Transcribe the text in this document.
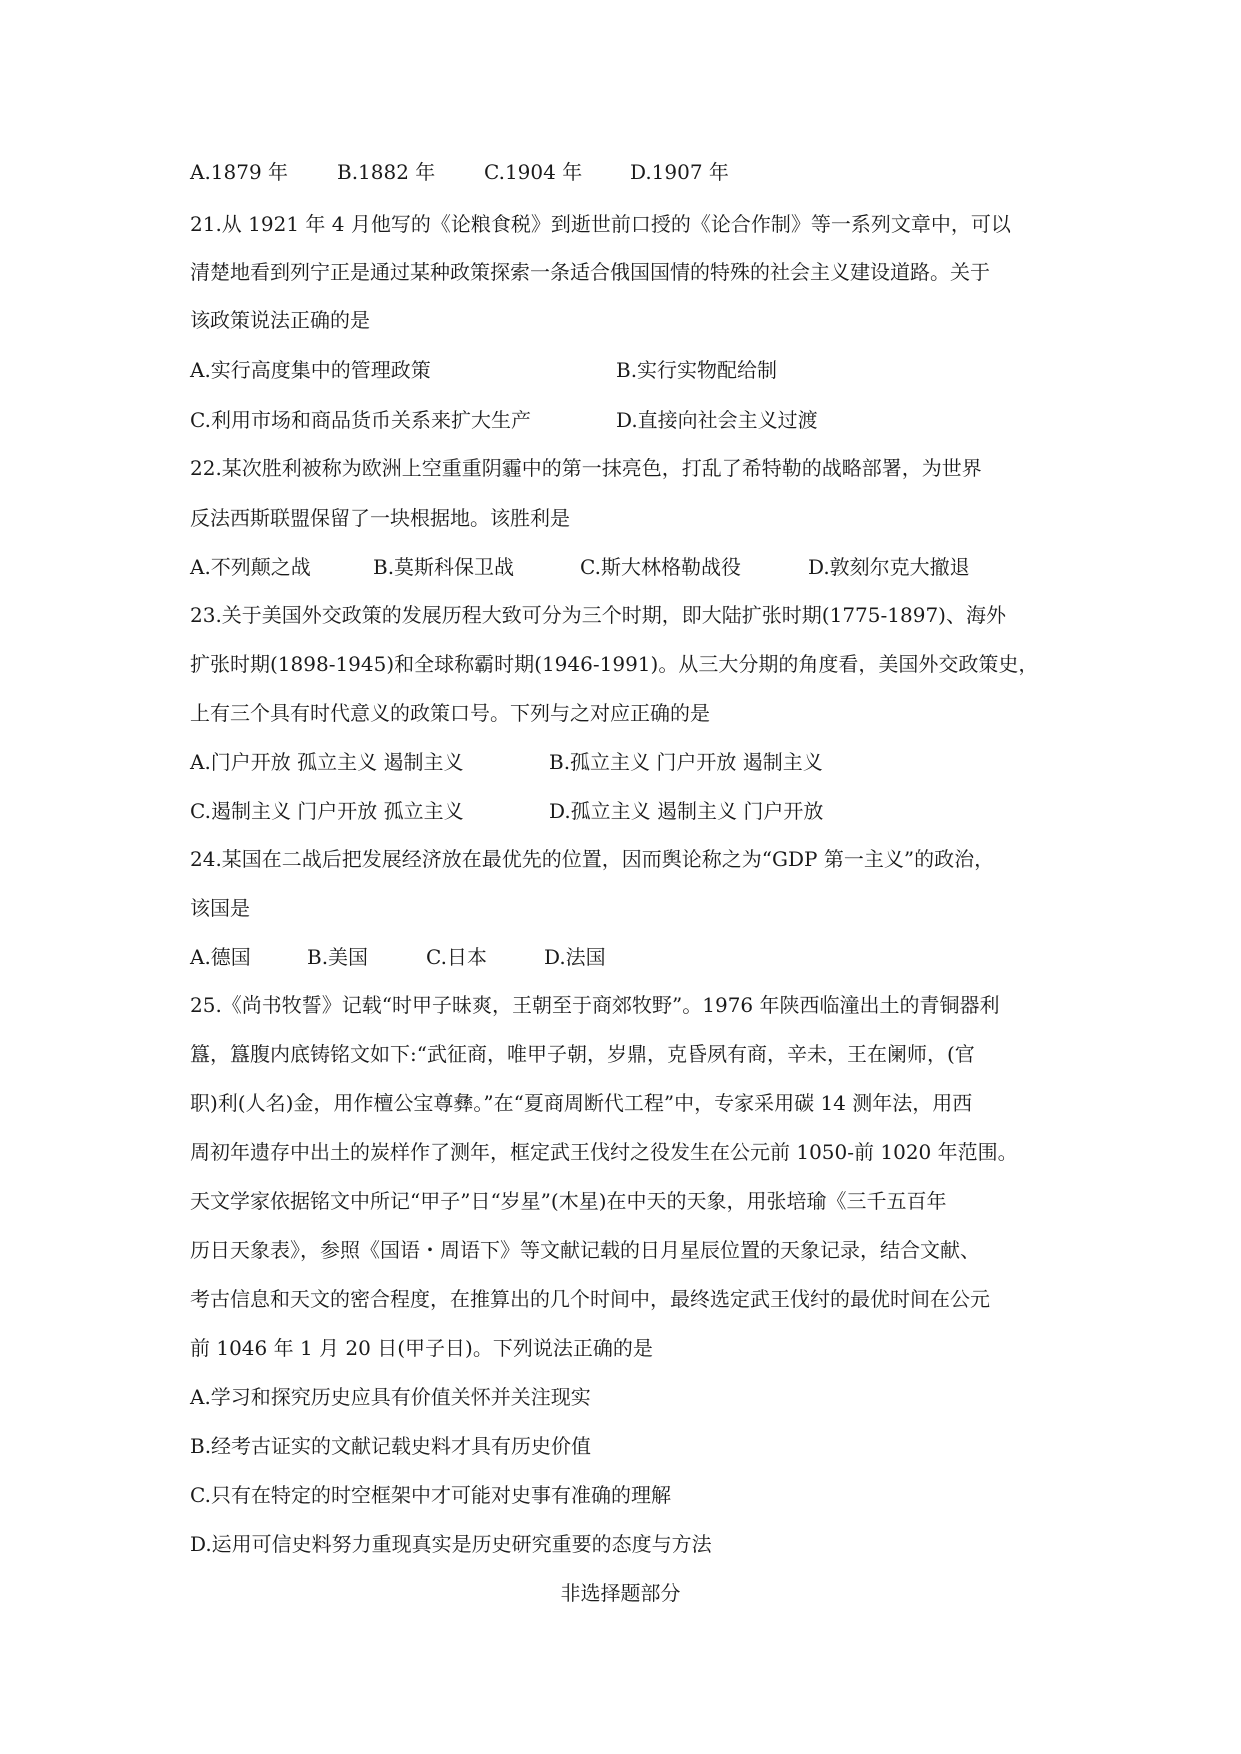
A.1879 年 B.1882 年 C.1904 年 D.1907 年
21.从 1921 年 4 月他写的《论粮食税》到逝世前口授的《论合作制》等一系列文章中，可以
清楚地看到列宁正是通过某种政策探索一条适合俄国国情的特殊的社会主义建设道路。关于
该政策说法正确的是
A.实行高度集中的管理政策	B.实行实物配给制
C.利用市场和商品货币关系来扩大生产	D.直接向社会主义过渡
22.某次胜利被称为欧洲上空重重阴霾中的第一抹亮色，打乱了希特勒的战略部署，为世界
反法西斯联盟保留了一块根据地。该胜利是
A.不列颠之战	B.莫斯科保卫战	C.斯大林格勒战役	D.敦刻尔克大撤退
23.关于美国外交政策的发展历程大致可分为三个时期，即大陆扩张时期(1775-1897)、海外
扩张时期(1898-1945)和全球称霸时期(1946-1991)。从三大分期的角度看，美国外交政策史，
上有三个具有时代意义的政策口号。下列与之对应正确的是
A.门户开放 孤立主义 遏制主义	B.孤立主义 门户开放 遏制主义
C.遏制主义 门户开放 孤立主义	D.孤立主义 遏制主义 门户开放
24.某国在二战后把发展经济放在最优先的位置，因而舆论称之为“GDP 第一主义”的政治，
该国是
A.德国	B.美国	C.日本	D.法国
25.《尚书牧誓》记载“时甲子昧爽，王朝至于商郊牧野”。1976 年陕西临潼出土的青铜器利
簋，簋腹内底铸铭文如下:“武征商，唯甲子朝，岁鼎，克昏夙有商，辛未，王在阑师，(官
职)利(人名)金，用作檀公宝尊彝。”在“夏商周断代工程”中，专家采用碳 14 测年法，用西
周初年遗存中出土的炭样作了测年，框定武王伐纣之役发生在公元前 1050-前 1020 年范围。
天文学家依据铭文中所记“甲子”日“岁星”(木星)在中天的天象，用张培瑜《三千五百年
历日天象表》，参照《国语・周语下》等文献记载的日月星辰位置的天象记录，结合文献、
考古信息和天文的密合程度，在推算出的几个时间中，最终选定武王伐纣的最优时间在公元
前 1046 年 1 月 20 日(甲子日)。下列说法正确的是
A.学习和探究历史应具有价值关怀并关注现实
B.经考古证实的文献记载史料才具有历史价值
C.只有在特定的时空框架中才可能对史事有准确的理解
D.运用可信史料努力重现真实是历史研究重要的态度与方法
非选择题部分
